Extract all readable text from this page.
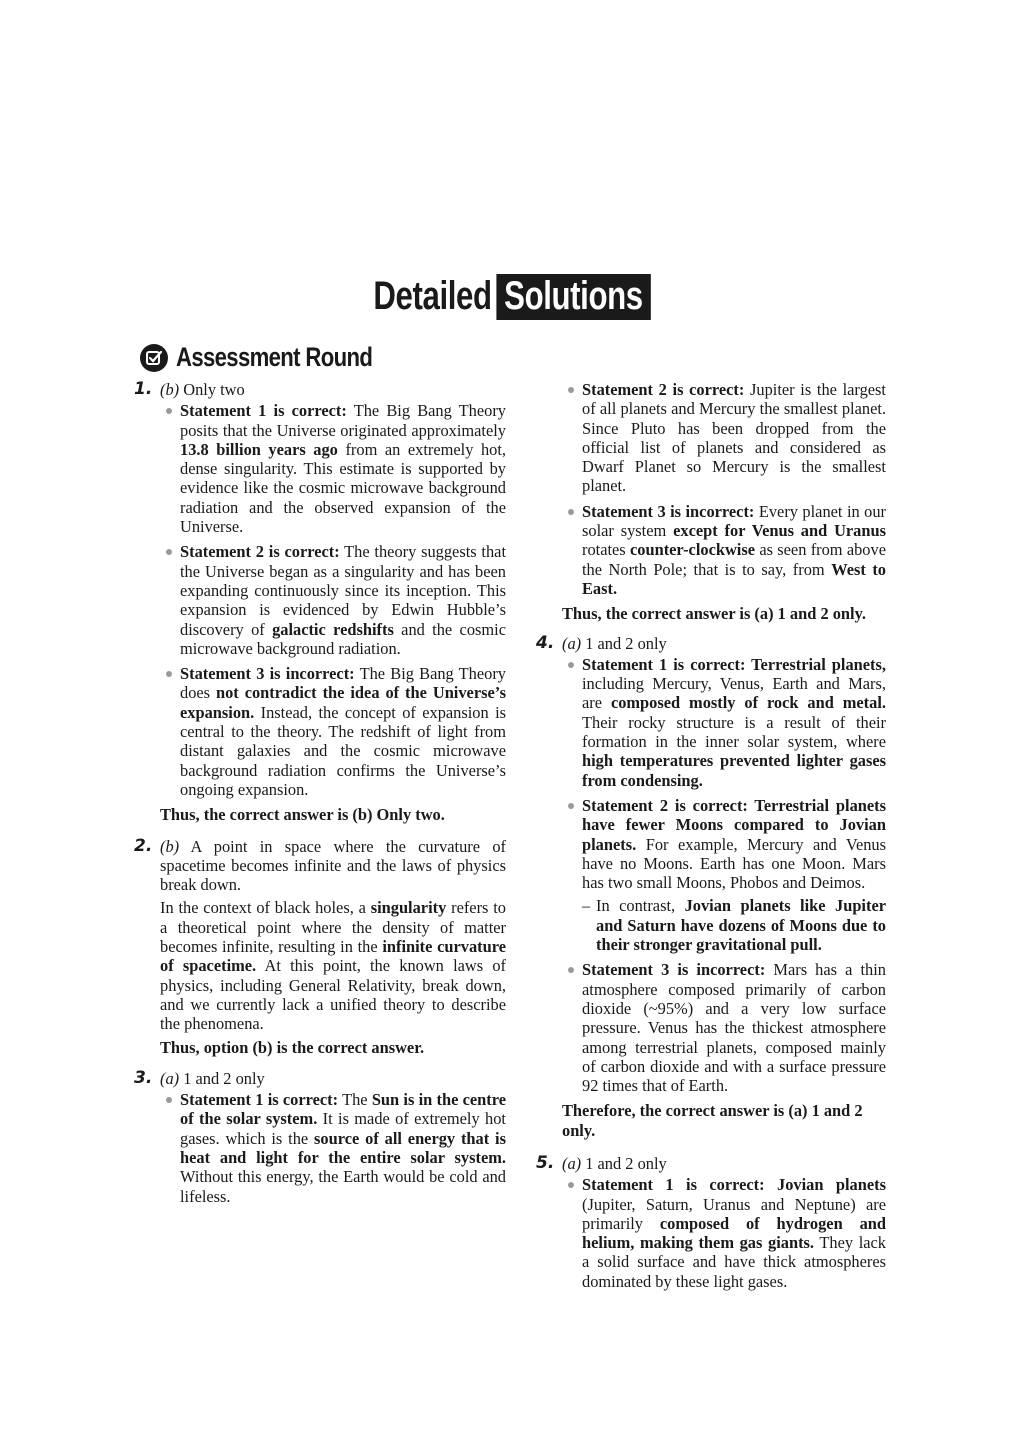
Detailed Solutions
Assessment Round
1. (b) Only two
Statement 1 is correct: The Big Bang Theory posits that the Universe originated approximately 13.8 billion years ago from an extremely hot, dense singularity. This estimate is supported by evidence like the cosmic microwave background radiation and the observed expansion of the Universe.
Statement 2 is correct: The theory suggests that the Universe began as a singularity and has been expanding continuously since its inception. This expansion is evidenced by Edwin Hubble’s discovery of galactic redshifts and the cosmic microwave background radiation.
Statement 3 is incorrect: The Big Bang Theory does not contradict the idea of the Universe’s expansion. Instead, the concept of expansion is central to the theory. The redshift of light from distant galaxies and the cosmic microwave background radiation confirms the Universe’s ongoing expansion.
Thus, the correct answer is (b) Only two.
2. (b) A point in space where the curvature of spacetime becomes infinite and the laws of physics break down.
In the context of black holes, a singularity refers to a theoretical point where the density of matter becomes infinite, resulting in the infinite curvature of spacetime. At this point, the known laws of physics, including General Relativity, break down, and we currently lack a unified theory to describe the phenomena.
Thus, option (b) is the correct answer.
3. (a) 1 and 2 only
Statement 1 is correct: The Sun is in the centre of the solar system. It is made of extremely hot gases. which is the source of all energy that is heat and light for the entire solar system. Without this energy, the Earth would be cold and lifeless.
Statement 2 is correct: Jupiter is the largest of all planets and Mercury the smallest planet. Since Pluto has been dropped from the official list of planets and considered as Dwarf Planet so Mercury is the smallest planet.
Statement 3 is incorrect: Every planet in our solar system except for Venus and Uranus rotates counter-clockwise as seen from above the North Pole; that is to say, from West to East.
Thus, the correct answer is (a) 1 and 2 only.
4. (a) 1 and 2 only
Statement 1 is correct: Terrestrial planets, including Mercury, Venus, Earth and Mars, are composed mostly of rock and metal. Their rocky structure is a result of their formation in the inner solar system, where high temperatures prevented lighter gases from condensing.
Statement 2 is correct: Terrestrial planets have fewer Moons compared to Jovian planets. For example, Mercury and Venus have no Moons. Earth has one Moon. Mars has two small Moons, Phobos and Deimos.
– In contrast, Jovian planets like Jupiter and Saturn have dozens of Moons due to their stronger gravitational pull.
Statement 3 is incorrect: Mars has a thin atmosphere composed primarily of carbon dioxide (~95%) and a very low surface pressure. Venus has the thickest atmosphere among terrestrial planets, composed mainly of carbon dioxide and with a surface pressure 92 times that of Earth.
Therefore, the correct answer is (a) 1 and 2 only.
5. (a) 1 and 2 only
Statement 1 is correct: Jovian planets (Jupiter, Saturn, Uranus and Neptune) are primarily composed of hydrogen and helium, making them gas giants. They lack a solid surface and have thick atmospheres dominated by these light gases.
